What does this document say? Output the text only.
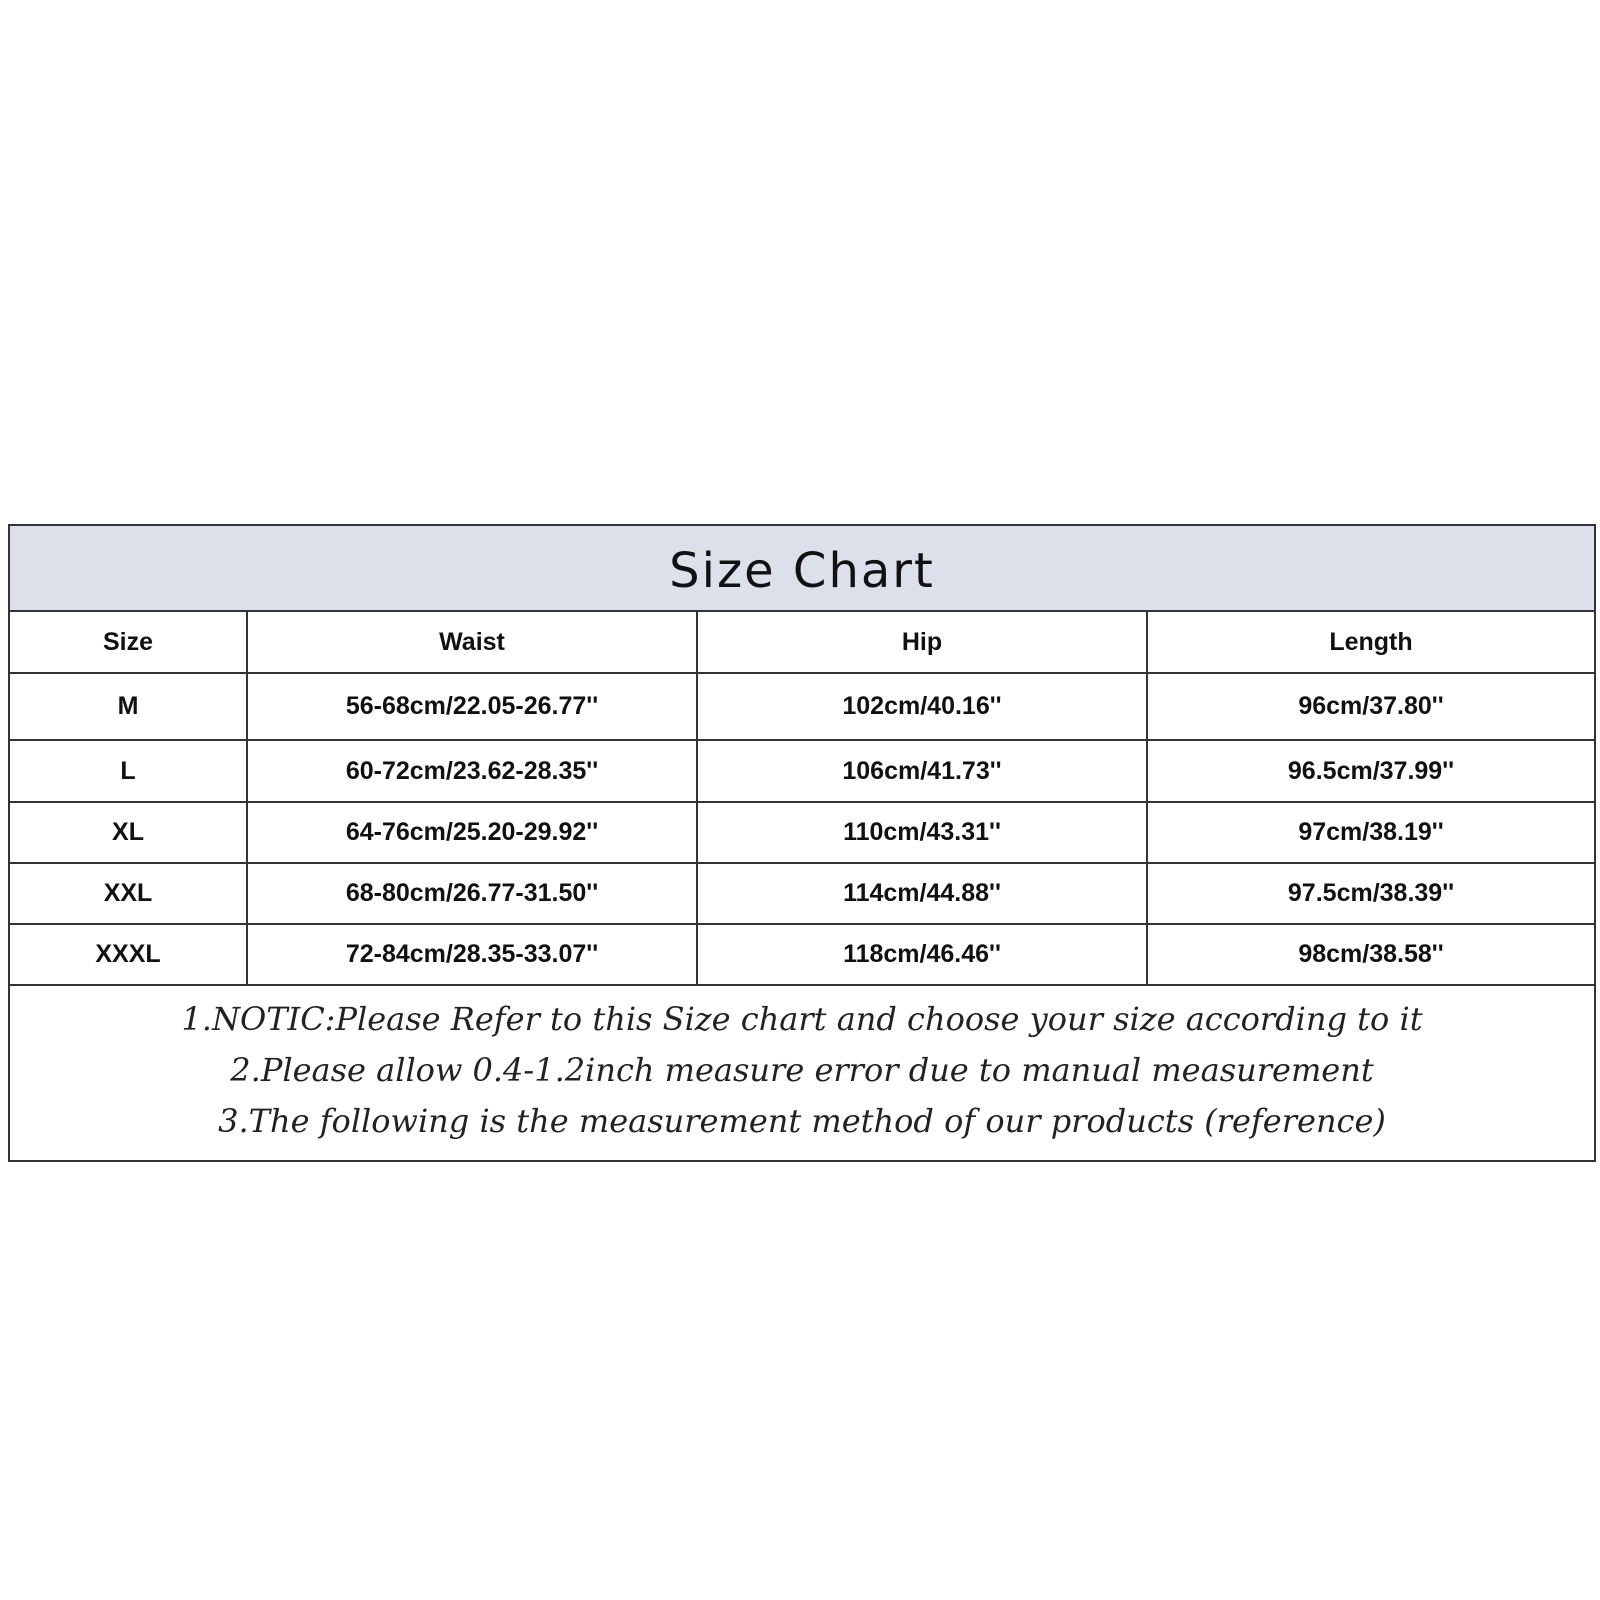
Size Chart
Size	Waist	Hip	Length
M	56-68cm/22.05-26.77''	102cm/40.16''	96cm/37.80''
L	60-72cm/23.62-28.35''	106cm/41.73''	96.5cm/37.99''
XL	64-76cm/25.20-29.92''	110cm/43.31''	97cm/38.19''
XXL	68-80cm/26.77-31.50''	114cm/44.88''	97.5cm/38.39''
XXXL	72-84cm/28.35-33.07''	118cm/46.46''	98cm/38.58''
1.NOTIC:Please Refer to this Size chart and choose your size according to it
2.Please allow 0.4-1.2inch measure error due to manual measurement
3.The following is the measurement method of our products (reference)
